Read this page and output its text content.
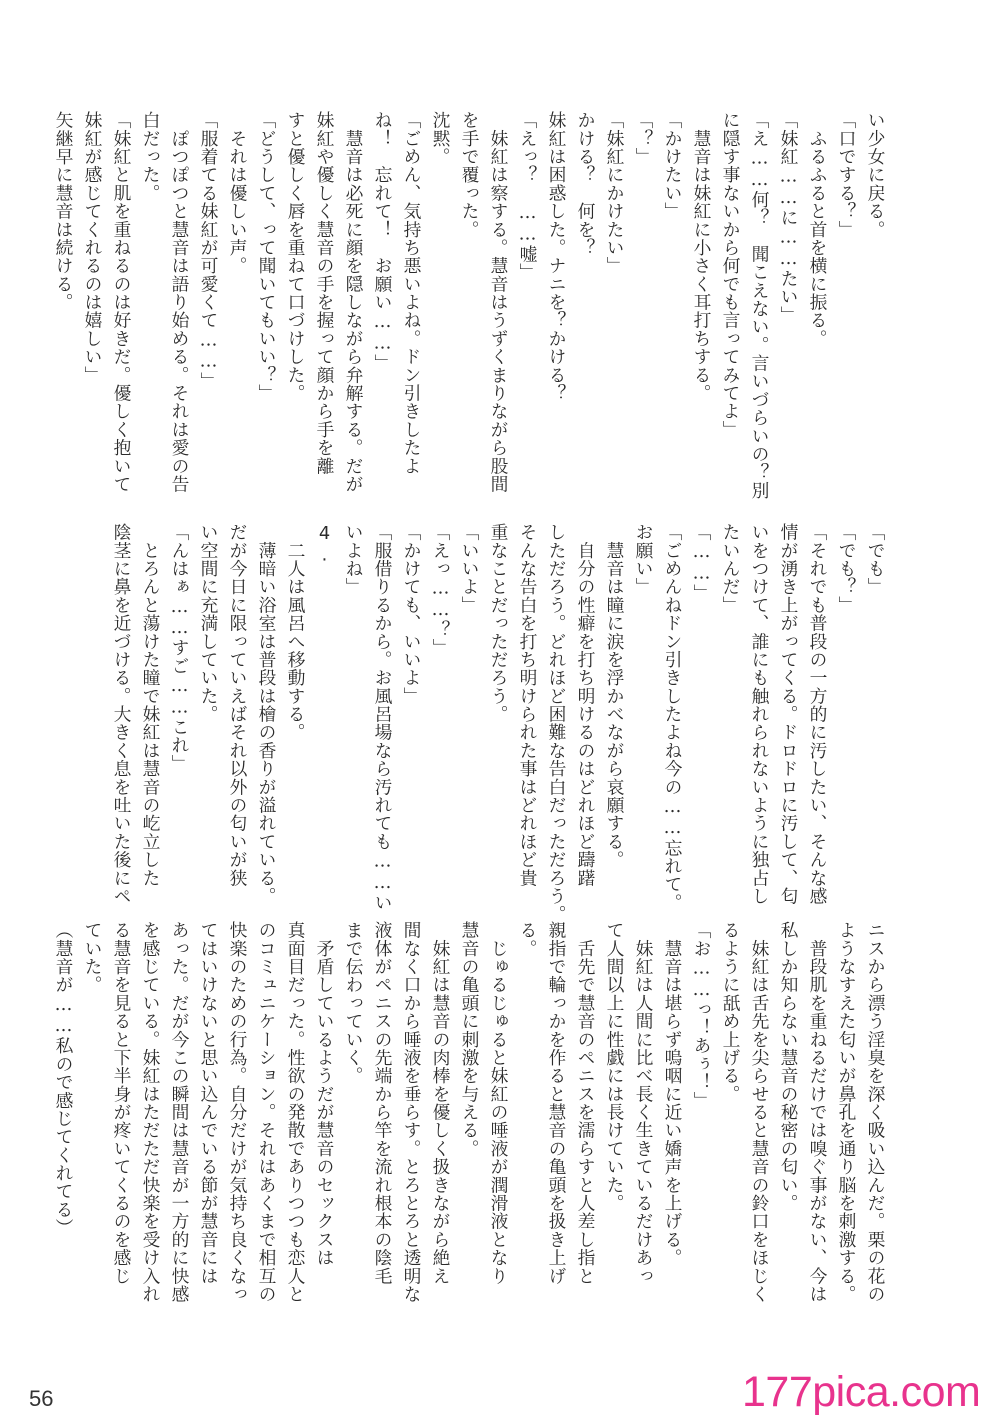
い少女に戻る。
「口でする？」
　ふるふると首を横に振る。
「妹紅……に……たい」
「え……何？　聞こえない。言いづらいの？別
に隠す事ないから何でも言ってみてよ」
　慧音は妹紅に小さく耳打ちする。
「かけたい」
「？」
「妹紅にかけたい」
かける？　何を？
妹紅は困惑した。ナニを？かける？
「えっ？　……嘘」
　妹紅は察する。慧音はうずくまりながら股間
を手で覆った。
沈黙。
「ごめん、気持ち悪いよね。ドン引きしたよ
ね！　忘れて！　お願い……」
　慧音は必死に顔を隠しながら弁解する。だが
妹紅や優しく慧音の手を握って顔から手を離
すと優しく唇を重ねて口づけした。
「どうして、って聞いてもいい？」
　それは優しい声。
「服着てる妹紅が可愛くて……」
　ぽつぽつと慧音は語り始める。それは愛の告
白だった。
「妹紅と肌を重ねるのは好きだ。優しく抱いて
妹紅が感じてくれるのは嬉しい」
矢継早に慧音は続ける。
「でも」
「でも？」
「それでも普段の一方的に汚したい、そんな感
情が湧き上がってくる。ドロドロに汚して、匂
いをつけて、誰にも触れられないように独占し
たいんだ」
「……」
「ごめんねドン引きしたよね今の……忘れて。
お願い」
　慧音は瞳に涙を浮かべながら哀願する。
　自分の性癖を打ち明けるのはどれほど躊躇
しただろう。どれほど困難な告白だっただろう。
そんな告白を打ち明けられた事はどれほど貴
重なことだっただろう。
「いいよ」
「えっ……？」
「かけても、いいよ」
「服借りるから。お風呂場なら汚れても……い
いよね」
4.
　二人は風呂へ移動する。
　薄暗い浴室は普段は檜の香りが溢れている。
だが今日に限っていえばそれ以外の匂いが狭
い空間に充満していた。
「んはぁ……すご……これ」
　とろんと蕩けた瞳で妹紅は慧音の屹立した
陰茎に鼻を近づける。大きく息を吐いた後にペ
ニスから漂う淫臭を深く吸い込んだ。栗の花の
ようなすえた匂いが鼻孔を通り脳を刺激する。
　普段肌を重ねるだけでは嗅ぐ事がない、今は
私しか知らない慧音の秘密の匂い。
　妹紅は舌先を尖らせると慧音の鈴口をほじく
るように舐め上げる。
「お……っ！あぅ！」
　慧音は堪らず嗚咽に近い嬌声を上げる。
　妹紅は人間に比べ長く生きているだけあっ
て人間以上に性戯には長けていた。
　舌先で慧音のペニスを濡らすと人差し指と
親指で輪っかを作ると慧音の亀頭を扱き上げ
る。
　じゅるじゅると妹紅の唾液が潤滑液となり
慧音の亀頭に刺激を与える。
　妹紅は慧音の肉棒を優しく扱きながら絶え
間なく口から唾液を垂らす。とろとろと透明な
液体がペニスの先端から竿を流れ根本の陰毛
まで伝わっていく。
　矛盾しているようだが慧音のセックスは
真面目だった。性欲の発散でありつつも恋人と
のコミュニケーション。それはあくまで相互の
快楽のための行為。自分だけが気持ち良くなっ
てはいけないと思い込んでいる節が慧音には
あった。だが今この瞬間は慧音が一方的に快感
を感じている。妹紅はただただ快楽を受け入れ
る慧音を見ると下半身が疼いてくるのを感じ
ていた。
（慧音が……私ので感じてくれてる）
56	177pica.com
